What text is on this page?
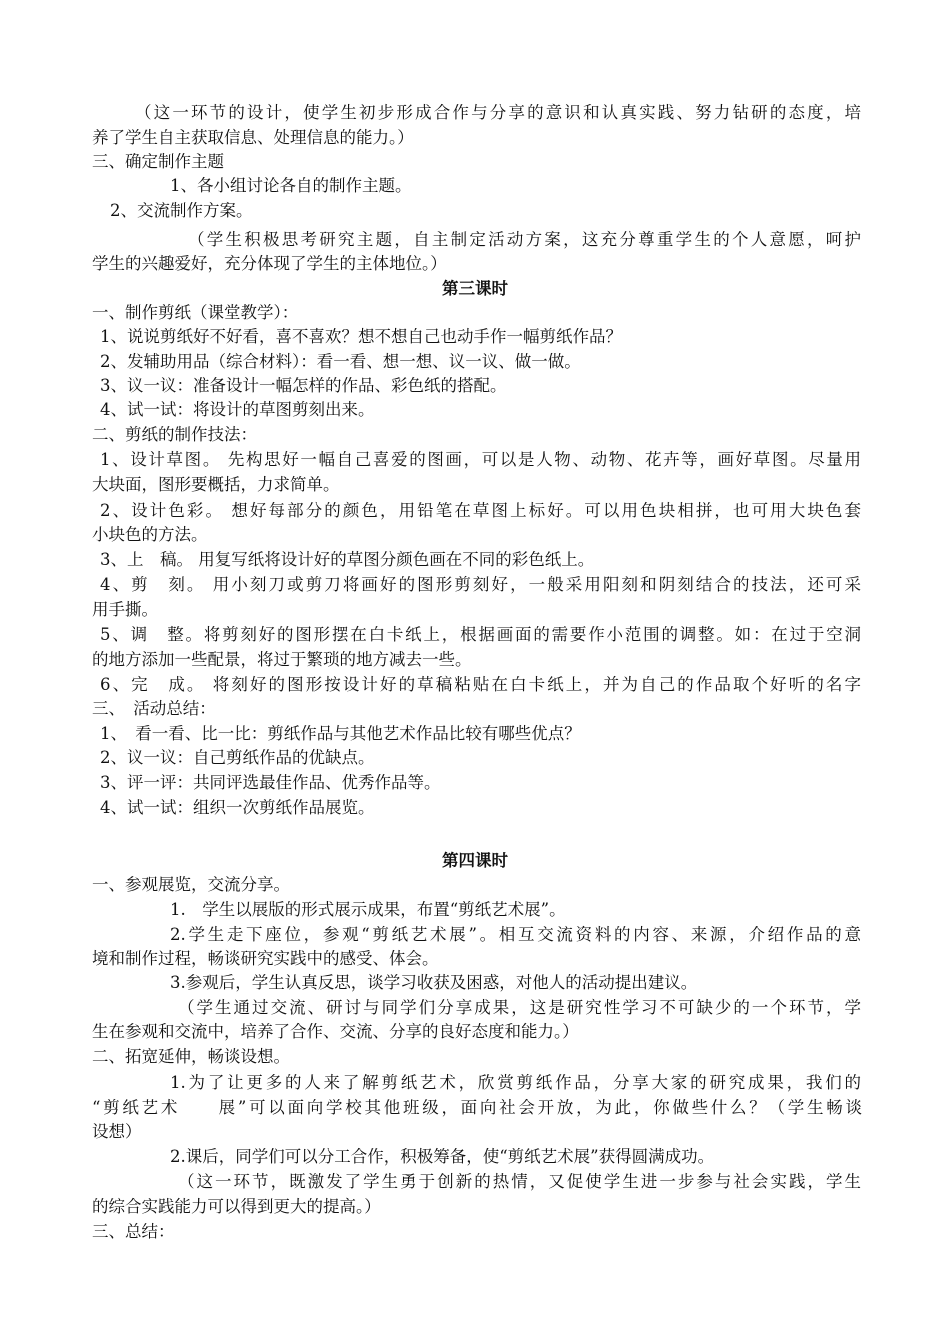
（这一环节的设计，使学生初步形成合作与分享的意识和认真实践、努力钻研的态度，培
养了学生自主获取信息、处理信息的能力。）
三、确定制作主题
1、各小组讨论各自的制作主题。
2、交流制作方案。
（学生积极思考研究主题，自主制定活动方案，这充分尊重学生的个人意愿，呵护
学生的兴趣爱好，充分体现了学生的主体地位。）
第三课时
一、制作剪纸（课堂教学）：
1、说说剪纸好不好看，喜不喜欢？想不想自己也动手作一幅剪纸作品？
2、发辅助用品（综合材料）：看一看、想一想、议一议、做一做。
3、议一议：准备设计一幅怎样的作品、彩色纸的搭配。
4、试一试：将设计的草图剪刻出来。
二、剪纸的制作技法：
1、设计草图。 先构思好一幅自己喜爱的图画，可以是人物、动物、花卉等，画好草图。尽量用
大块面，图形要概括，力求简单。
2、设计色彩。 想好每部分的颜色，用铅笔在草图上标好。可以用色块相拼，也可用大块色套
小块色的方法。
3、上　稿。 用复写纸将设计好的草图分颜色画在不同的彩色纸上。
4、剪　刻。 用小刻刀或剪刀将画好的图形剪刻好，一般采用阳刻和阴刻结合的技法，还可采
用手撕。
5、调　整。将剪刻好的图形摆在白卡纸上，根据画面的需要作小范围的调整。如：在过于空洞
的地方添加一些配景，将过于繁琐的地方减去一些。
6、完　成。 将刻好的图形按设计好的草稿粘贴在白卡纸上，并为自己的作品取个好听的名字
三、　活动总结：
1、　看一看、比一比：剪纸作品与其他艺术作品比较有哪些优点？
2、议一议：自己剪纸作品的优缺点。
3、评一评：共同评选最佳作品、优秀作品等。
4、试一试：组织一次剪纸作品展览。
第四课时
一、参观展览，交流分享。
1.　学生以展版的形式展示成果，布置“剪纸艺术展”。
2.学生走下座位，参观“剪纸艺术展”。相互交流资料的内容、来源，介绍作品的意
境和制作过程，畅谈研究实践中的感受、体会。
3.参观后，学生认真反思，谈学习收获及困惑，对他人的活动提出建议。
（学生通过交流、研讨与同学们分享成果，这是研究性学习不可缺少的一个环节，学
生在参观和交流中，培养了合作、交流、分享的良好态度和能力。）
二、拓宽延伸，畅谈设想。
1.为了让更多的人来了解剪纸艺术，欣赏剪纸作品，分享大家的研究成果，我们的
“剪纸艺术　　展”可以面向学校其他班级，面向社会开放，为此，你做些什么？（学生畅谈
设想）
2.课后，同学们可以分工合作，积极筹备，使“剪纸艺术展”获得圆满成功。
（这一环节，既激发了学生勇于创新的热情，又促使学生进一步参与社会实践，学生
的综合实践能力可以得到更大的提高。）
三、总结：
